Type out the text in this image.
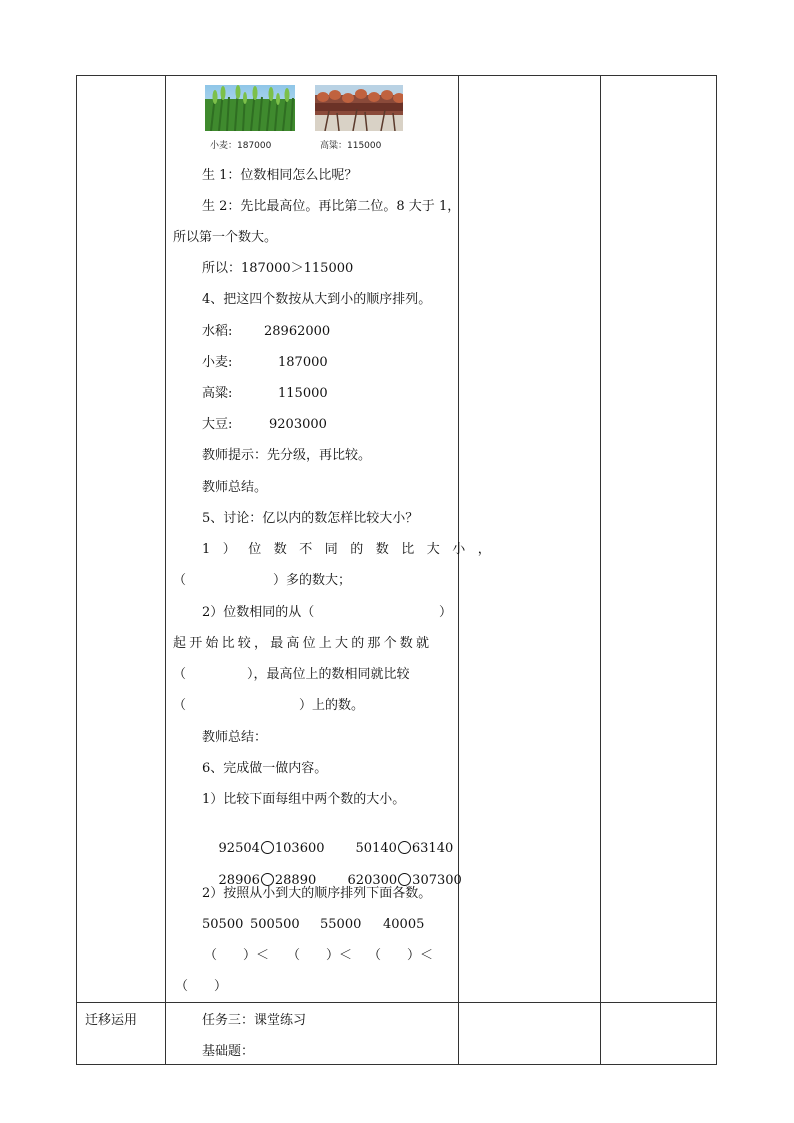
小麦：187000	高粱：115000
生 1：位数相同怎么比呢？
生 2：先比最高位。再比第二位。8 大于 1，
所以第一个数大。
所以：187000＞115000
4、把这四个数按从大到小的顺序排列。
水稻: 28962000
小麦:	187000
高粱:	115000
大豆:	9203000
教师提示：先分级，再比较。
教师总结。
5、讨论：亿以内的数怎样比较大小？
1）位数不同的数比大小，
（	）多的数大；
2）位数相同的从（	）
起开始比较，最高位上大的那个数就
（	），最高位上的数相同就比较
（	）上的数。
教师总结：
6、完成做一做内容。
1）比较下面每组中两个数的大小。

92504 103600
	50140 63140

28906 28890
	620300 307300

2）按照从小到大的顺序排列下面各数。
50500 500500 55000 40005
（　　）＜ （　　）＜ （　　）＜
（　　）
迁移运用	任务三：课堂练习
基础题：
